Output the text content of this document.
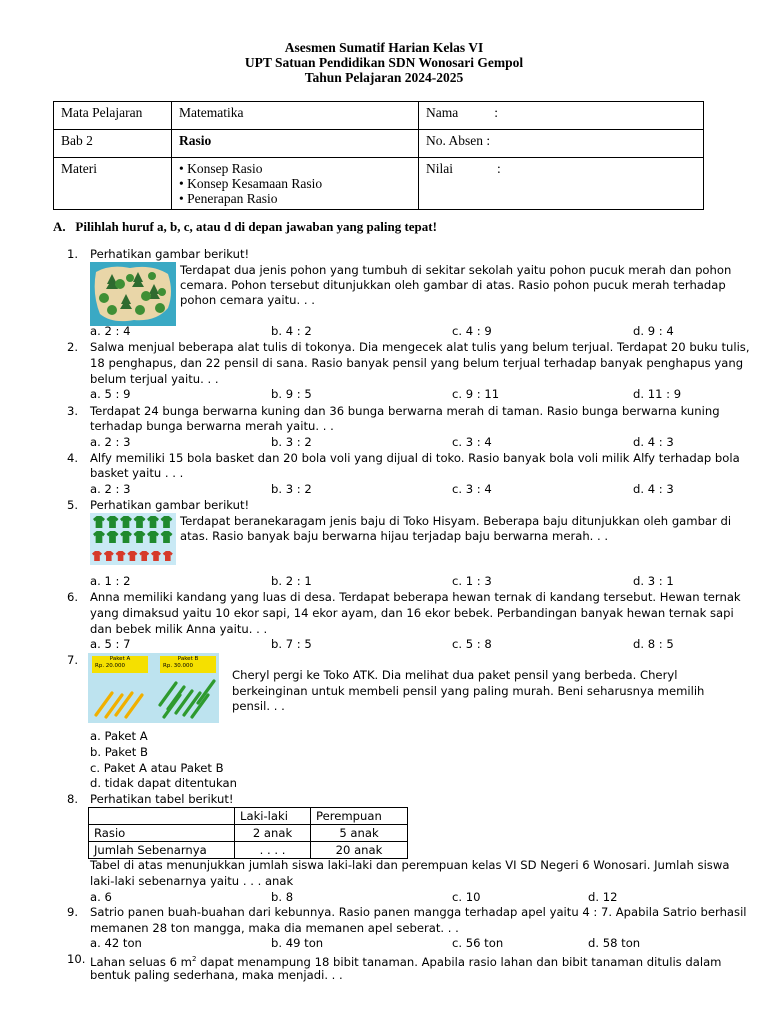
Asesmen Sumatif Harian Kelas VI
UPT Satuan Pendidikan SDN Wonosari Gempol
Tahun Pelajaran 2024-2025
Mata Pelajaran	Matematika	Nama :
Bab 2	Rasio	No. Absen :
Materi	• Konsep Rasio
• Konsep Kesamaan Rasio
• Penerapan Rasio	Nilai :
A.   Pilihlah huruf a, b, c, atau d di depan jawaban yang paling tepat!
1. Perhatikan gambar berikut!
Terdapat dua jenis pohon yang tumbuh di sekitar sekolah yaitu pohon pucuk merah dan pohon
cemara. Pohon tersebut ditunjukkan oleh gambar di atas. Rasio pohon pucuk merah terhadap
pohon cemara yaitu. . .
a. 2 : 4	b. 4 : 2	c. 4 : 9	d. 9 : 4
2. Salwa menjual beberapa alat tulis di tokonya. Dia mengecek alat tulis yang belum terjual. Terdapat 20 buku tulis,
18 penghapus, dan 22 pensil di sana. Rasio banyak pensil yang belum terjual terhadap banyak penghapus yang
belum terjual yaitu. . .
a. 5 : 9	b. 9 : 5	c. 9 : 11	d. 11 : 9
3. Terdapat 24 bunga berwarna kuning dan 36 bunga berwarna merah di taman. Rasio bunga berwarna kuning
terhadap bunga berwarna merah yaitu. . .
a. 2 : 3	b. 3 : 2	c. 3 : 4	d. 4 : 3
4. Alfy memiliki 15 bola basket dan 20 bola voli yang dijual di toko. Rasio banyak bola voli milik Alfy terhadap bola
basket yaitu . . .
a. 2 : 3	b. 3 : 2	c. 3 : 4	d. 4 : 3
5. Perhatikan gambar berikut!
Terdapat beranekaragam jenis baju di Toko Hisyam. Beberapa baju ditunjukkan oleh gambar di
atas. Rasio banyak baju berwarna hijau terjadap baju berwarna merah. . .
a. 1 : 2	b. 2 : 1	c. 1 : 3	d. 3 : 1
6. Anna memiliki kandang yang luas di desa. Terdapat beberapa hewan ternak di kandang tersebut. Hewan ternak
yang dimaksud yaitu 10 ekor sapi, 14 ekor ayam, dan 16 ekor bebek. Perbandingan banyak hewan ternak sapi
dan bebek milik Anna yaitu. . .
a. 5 : 7	b. 7 : 5	c. 5 : 8	d. 8 : 5
7.	Paket A
Rp. 20.000
Paket B
Rp. 30.000
Cheryl pergi ke Toko ATK. Dia melihat dua paket pensil yang berbeda. Cheryl
berkeinginan untuk membeli pensil yang paling murah. Beni seharusnya memilih
pensil. . .
a. Paket A
b. Paket B
c. Paket A atau Paket B
d. tidak dapat ditentukan
8. Perhatikan tabel berikut!
	Laki-laki	Perempuan
Rasio	2 anak	5 anak
Jumlah Sebenarnya	. . . .	20 anak
Tabel di atas menunjukkan jumlah siswa laki-laki dan perempuan kelas VI SD Negeri 6 Wonosari. Jumlah siswa
laki-laki sebenarnya yaitu . . . anak
a. 6	b. 8	c. 10	d. 12
9. Satrio panen buah-buahan dari kebunnya. Rasio panen mangga terhadap apel yaitu 4 : 7. Apabila Satrio berhasil
memanen 28 ton mangga, maka dia memanen apel seberat. . .
a. 42 ton	b. 49 ton	c. 56 ton	d. 58 ton
10. Lahan seluas 6 $m^2$ dapat menampung 18 bibit tanaman. Apabila rasio lahan dan bibit tanaman ditulis dalam
bentuk paling sederhana, maka menjadi. . .
